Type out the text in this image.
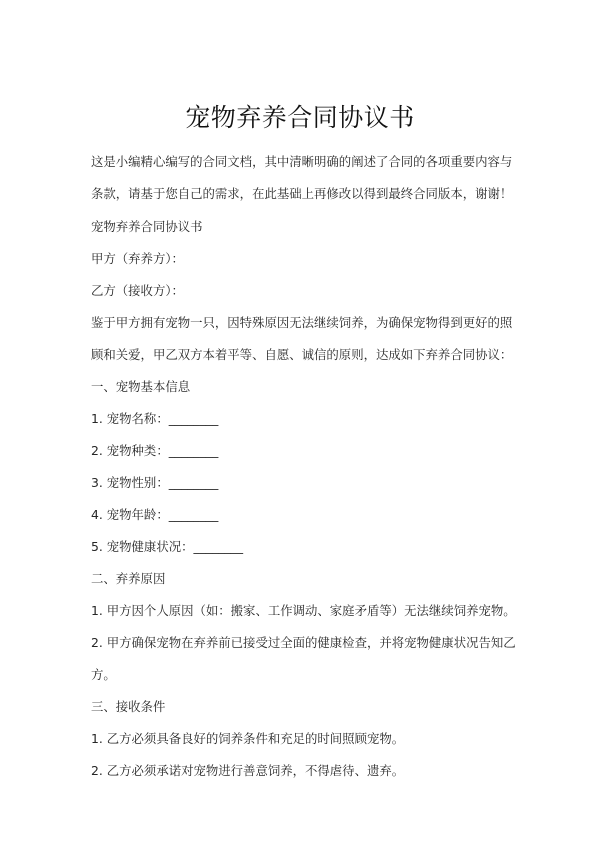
宠物弃养合同协议书
这是小编精心编写的合同文档，其中清晰明确的阐述了合同的各项重要内容与
条款，请基于您自己的需求，在此基础上再修改以得到最终合同版本，谢谢！
宠物弃养合同协议书
甲方（弃养方）：
乙方（接收方）：
鉴于甲方拥有宠物一只，因特殊原因无法继续饲养，为确保宠物得到更好的照
顾和关爱，甲乙双方本着平等、自愿、诚信的原则，达成如下弃养合同协议：
一、宠物基本信息
1. 宠物名称：________
2. 宠物种类：________
3. 宠物性别：________
4. 宠物年龄：________
5. 宠物健康状况：________
二、弃养原因
1. 甲方因个人原因（如：搬家、工作调动、家庭矛盾等）无法继续饲养宠物。
2. 甲方确保宠物在弃养前已接受过全面的健康检查，并将宠物健康状况告知乙
方。
三、接收条件
1. 乙方必须具备良好的饲养条件和充足的时间照顾宠物。
2. 乙方必须承诺对宠物进行善意饲养，不得虐待、遗弃。
